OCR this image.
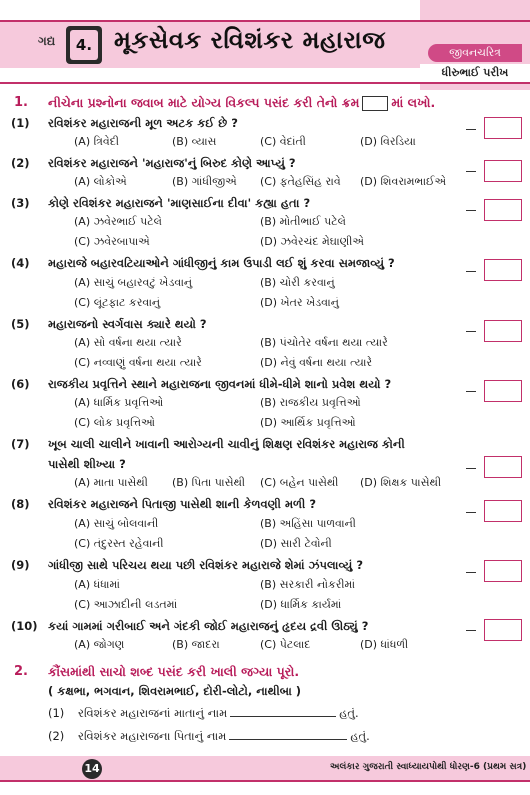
ગદ્ય	4. મૂકસેવક રવિશંકર મહારાજ	જીવનચરિત્ર
ધીરુભાઈ પરીખ
1. નીચેના પ્રશ્નોના જવાબ માટે યોગ્ય વિકલ્પ પસંદ કરી તેનો ક્રમ	માં લખો.
(1) રવિશંકર મહારાજની મૂળ અટક કઈ છે ?
(A) ત્રિવેદી	(B) વ્યાસ	(C) વેદાંતી	(D) વિરડિયા
(2) રવિશંકર મહારાજને 'મહારાજ'નું બિરુદ કોણે આપ્યું ?
(A) લોકોએ	(B) ગાંધીજીએ (C) ફતેહસિંહ રાવે (D) શિવરામભાઈએ
(3) કોણે રવિશંકર મહારાજને 'માણસાઈના દીવા' કહ્યા હતા ?
(A) ઝવેરભાઈ પટેલે	(B) મોતીભાઈ પટેલે
(C) ઝવેરબાપાએ	(D) ઝવેરચંદ મેઘાણીએ
(4) મહારાજે બહારવટિયાઓને ગાંધીજીનું કામ ઉપાડી લઈ શું કરવા સમજાવ્યું ?
(A) સાચું બહારવટું ખેડવાનું	(B) ચોરી કરવાનું
(C) લૂંટફાટ કરવાનું	(D) ખેતર ખેડવાનું
(5) મહારાજનો સ્વર્ગવાસ ક્યારે થયો ?
(A) સો વર્ષના થયા ત્યારે	(B) પંચોતેર વર્ષના થયા ત્યારે
(C) નવ્વાણું વર્ષના થયા ત્યારે	(D) નેવું વર્ષના થયા ત્યારે
(6) રાજકીય પ્રવૃત્તિને સ્થાને મહારાજના જીવનમાં ધીમે-ધીમે શાનો પ્રવેશ થયો ?
(A) ધાર્મિક પ્રવૃત્તિઓ	(B) રાજકીય પ્રવૃત્તિઓ
(C) લોક પ્રવૃત્તિઓ	(D) આર્થિક પ્રવૃત્તિઓ
(7) ખૂબ ચાલી ચાલીને ખાવાની આરોગ્યની ચાવીનું શિક્ષણ રવિશંકર મહારાજ કોની
પાસેથી શીખ્યા ?
(A) માતા પાસેથી (B) પિતા પાસેથી (C) બહેન પાસેથી (D) શિક્ષક પાસેથી
(8) રવિશંકર મહારાજને પિતાજી પાસેથી શાની કેળવણી મળી ?
(A) સાચું બોલવાની	(B) અહિંસા પાળવાની
(C) તંદુરસ્ત રહેવાની	(D) સારી ટેવોની
(9) ગાંધીજી સાથે પરિચય થયા પછી રવિશંકર મહારાજે શેમાં ઝંપલાવ્યું ?
(A) ધંધામાં	(B) સરકારી નોકરીમાં
(C) આઝાદીની લડતમાં	(D) ધાર્મિક કાર્યમાં
(10) કયાં ગામમાં ગરીબાઈ અને ગંદકી જોઈ મહારાજનું હૃદય દ્રવી ઊઠ્યું ?
(A) જોગણ	(B) જાદરા	(C) પેટલાદ	(D) ધાંધળી
2. કૌંસમાંથી સાચો શબ્દ પસંદ કરી ખાલી જગ્યા પૂરો.
( કક્ષભા, ભગવાન, શિવરામભાઈ, દોરી-લોટો, નાથીબા )
(1) રવિશંકર મહારાજનાં માતાનું નામ	હતું.
(2) રવિશંકર મહારાજના પિતાનું નામ	હતું.
14	અલંકાર ગુજરાતી સ્વાધ્યાયપોથી ધોરણ-6 (પ્રથમ સત્ર)
